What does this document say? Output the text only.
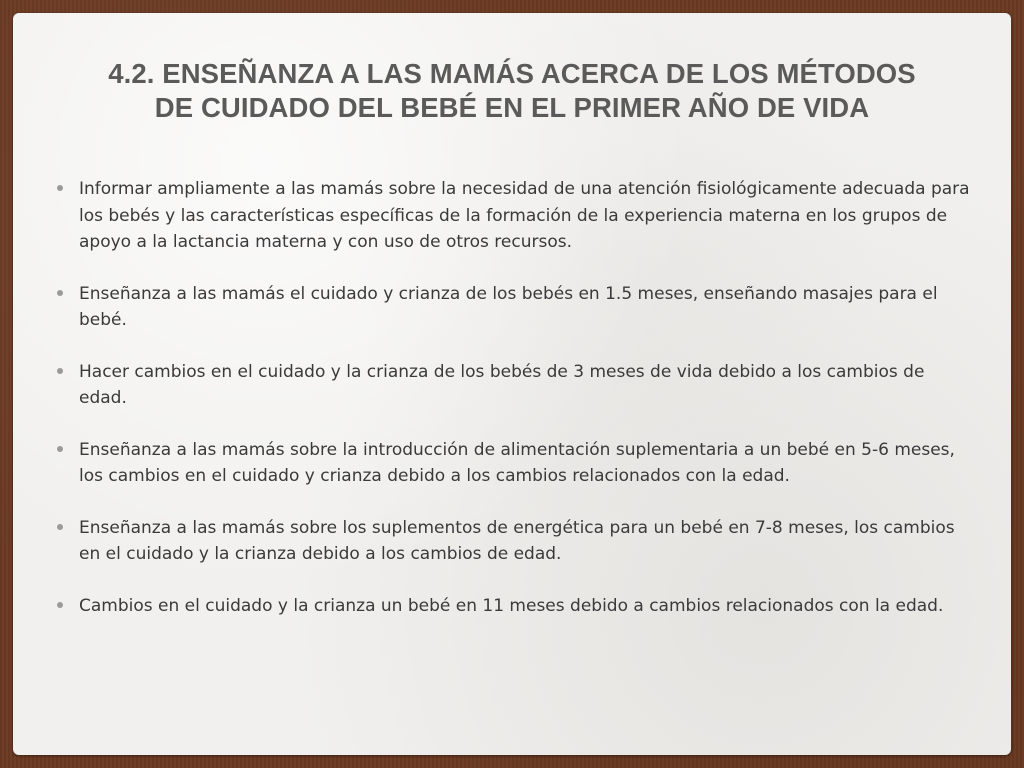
4.2. ENSEÑANZA A LAS MAMÁS ACERCA DE LOS MÉTODOS
DE CUIDADO DEL BEBÉ EN EL PRIMER AÑO DE VIDA
Informar ampliamente a las mamás sobre la necesidad de una atención fisiológicamente adecuada para los bebés y las características específicas de la formación de la experiencia materna en los grupos de apoyo a la lactancia materna y con uso de otros recursos.
Enseñanza a las mamás el cuidado y crianza de los bebés en 1.5 meses, enseñando masajes para el bebé.
Hacer cambios en el cuidado y la crianza de los bebés de 3 meses de vida debido a los cambios de edad.
Enseñanza a las mamás sobre la introducción de alimentación suplementaria a un bebé en 5-6 meses, los cambios en el cuidado y crianza debido a los cambios relacionados con la edad.
Enseñanza a las mamás sobre los suplementos de energética para un bebé en 7-8 meses, los cambios en el cuidado y la crianza debido a los cambios de edad.
Cambios en el cuidado y la crianza un bebé en 11 meses debido a cambios relacionados con la edad.
